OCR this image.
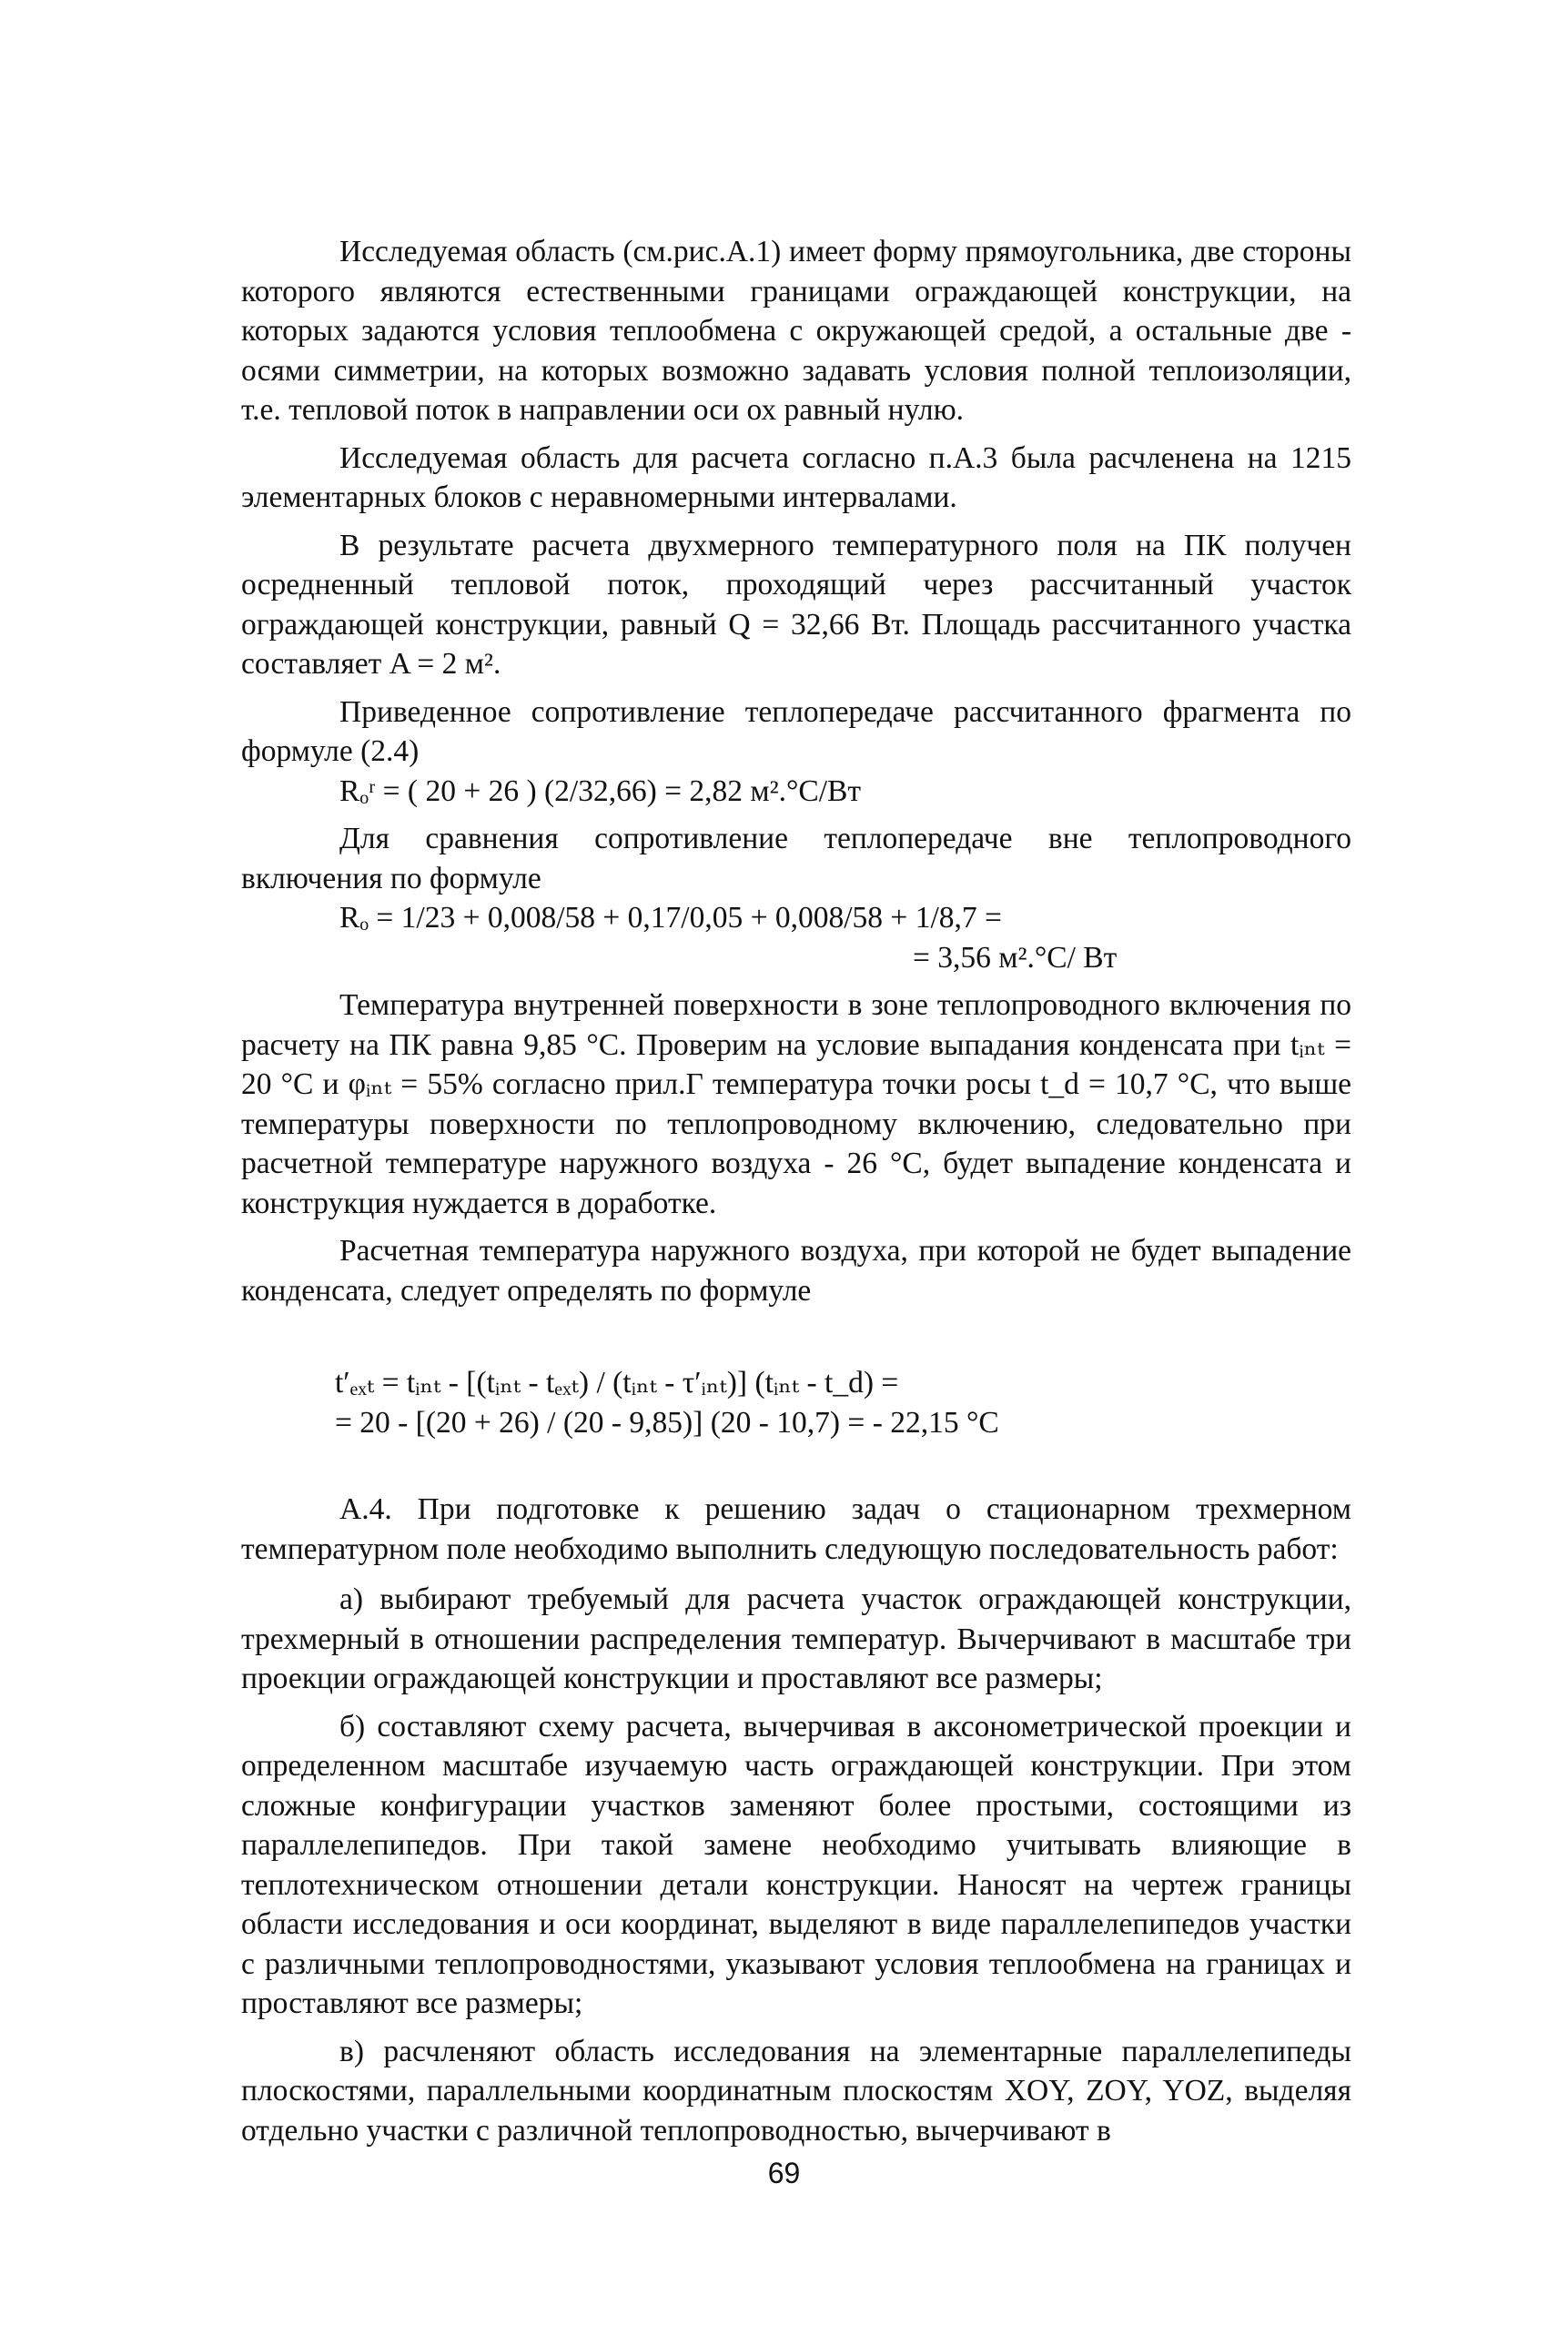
Исследуемая область (см.рис.А.1) имеет форму прямоугольника, две стороны которого являются естественными границами ограждающей конструкции, на которых задаются условия теплообмена с окружающей средой, а остальные две - осями симметрии, на которых возможно задавать условия полной теплоизоляции, т.е. тепловой поток в направлении оси ох равный нулю.

Исследуемая область для расчета согласно п.А.3 была расчленена на 1215 элементарных блоков с неравномерными интервалами.

В результате расчета двухмерного температурного поля на ПК получен осредненный тепловой поток, проходящий через рассчитанный участок ограждающей конструкции, равный Q = 32,66 Вт. Площадь рассчитанного участка составляет A = 2 м².

Приведенное сопротивление теплопередаче рассчитанного фрагмента по формуле (2.4)

Rₒʳ = ( 20 + 26 ) (2/32,66) = 2,82 м².°С/Вт

Для сравнения сопротивление теплопередаче вне теплопроводного включения по формуле

Rₒ = 1/23 + 0,008/58 + 0,17/0,05 + 0,008/58 + 1/8,7 =

= 3,56 м².°С/ Вт

Температура внутренней поверхности в зоне теплопроводного включения по расчету на ПК равна 9,85 °С. Проверим на условие выпадания конденсата при tᵢₙₜ = 20 °С и φᵢₙₜ = 55% согласно прил.Г температура точки росы t_d = 10,7 °С, что выше температуры поверхности по теплопроводному включению, следовательно при расчетной температуре наружного воздуха - 26 °С, будет выпадение конденсата и конструкция нуждается в доработке.

Расчетная температура наружного воздуха, при которой не будет выпадение конденсата, следует определять по формуле

t′ₑₓₜ = tᵢₙₜ - [(tᵢₙₜ - tₑₓₜ) / (tᵢₙₜ - τ′ᵢₙₜ)] (tᵢₙₜ - t_d) =

= 20 - [(20 + 26) / (20 - 9,85)] (20 - 10,7) = - 22,15 °С

А.4. При подготовке к решению задач о стационарном трехмерном температурном поле необходимо выполнить следующую последовательность работ:

а) выбирают требуемый для расчета участок ограждающей конструкции, трехмерный в отношении распределения температур. Вычерчивают в масштабе три проекции ограждающей конструкции и проставляют все размеры;

б) составляют схему расчета, вычерчивая в аксонометрической проекции и определенном масштабе изучаемую часть ограждающей конструкции. При этом сложные конфигурации участков заменяют более простыми, состоящими из параллелепипедов. При такой замене необходимо учитывать влияющие в теплотехническом отношении детали конструкции. Наносят на чертеж границы области исследования и оси координат, выделяют в виде параллелепипедов участки с различными теплопроводностями, указывают условия теплообмена на границах и проставляют все размеры;

в) расчленяют область исследования на элементарные параллелепипеды плоскостями, параллельными координатным плоскостям XOY, ZOY, YOZ, выделяя отдельно участки с различной теплопроводностью, вычерчивают в

69
